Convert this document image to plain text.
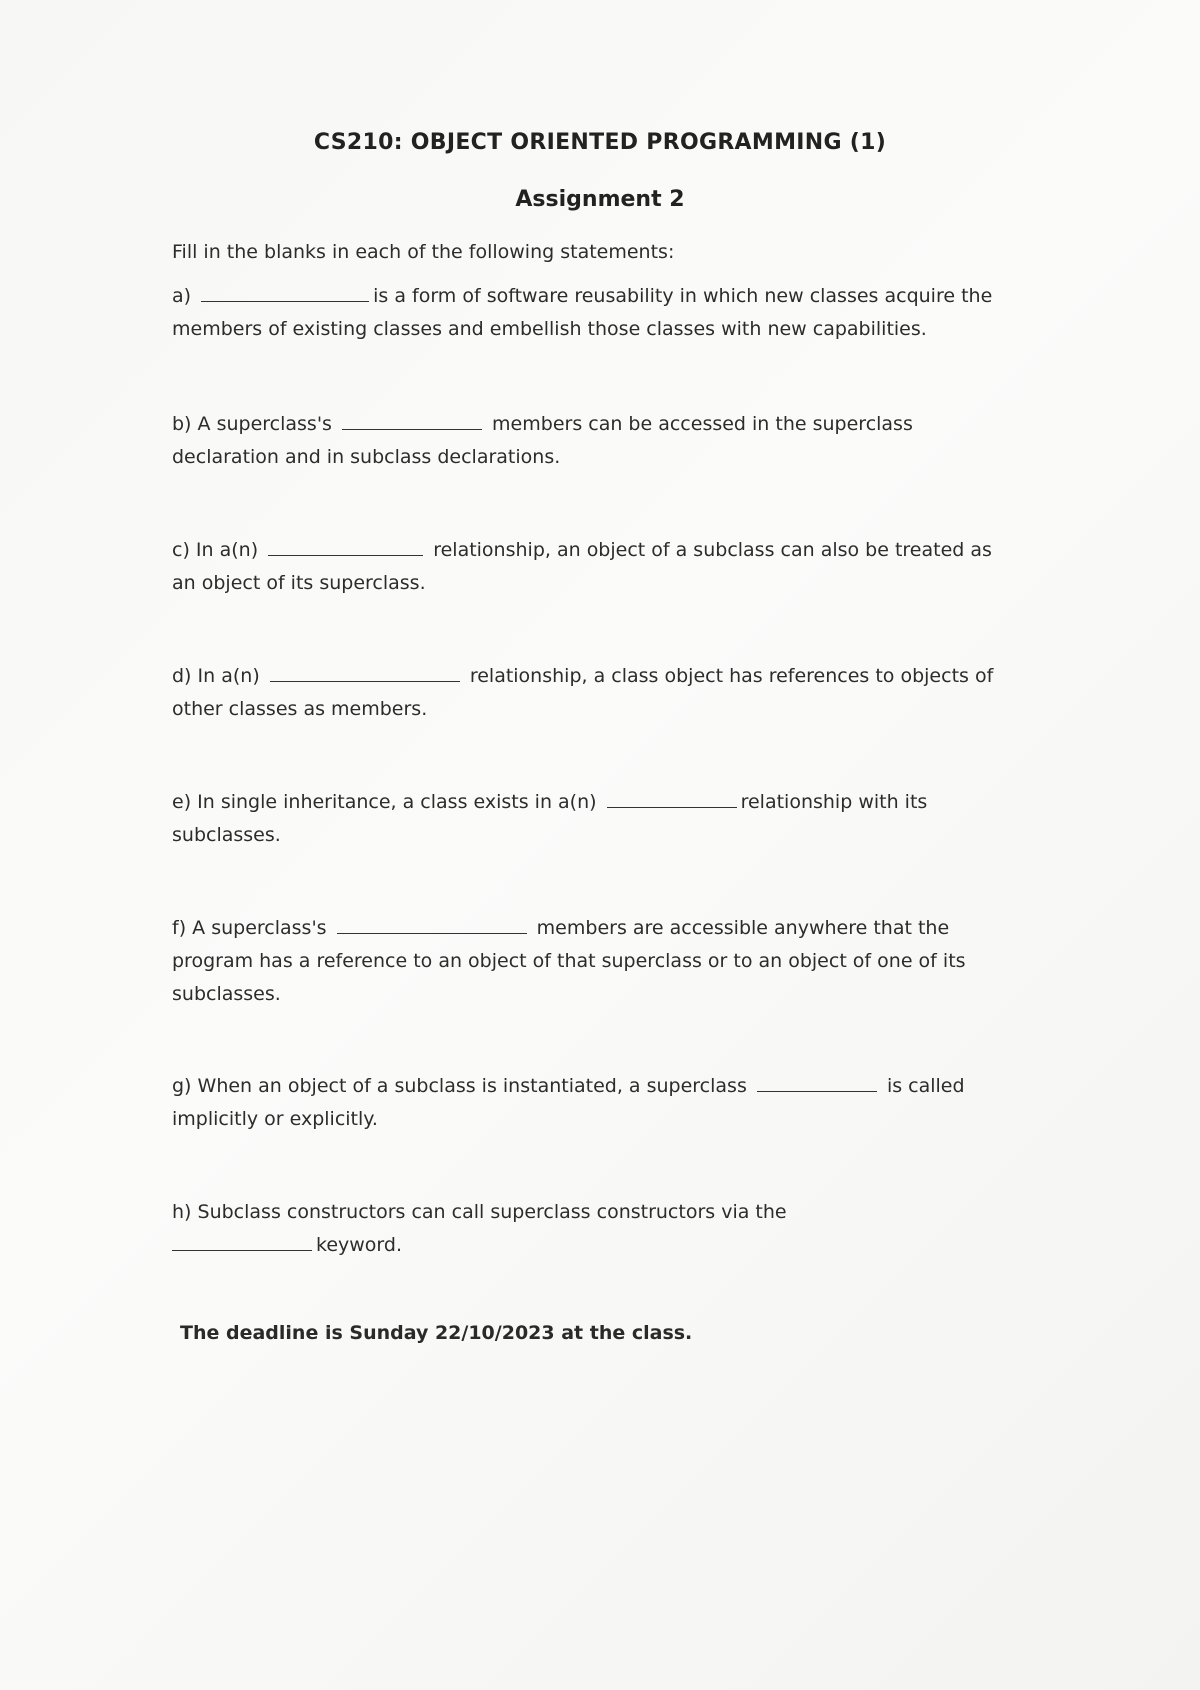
CS210: OBJECT ORIENTED PROGRAMMING (1)
Assignment 2
Fill in the blanks in each of the following statements:
a)	is a form of software reusability in which new classes acquire the members of existing classes and embellish those classes with new capabilities.
b) A superclass's	members can be accessed in the superclass declaration and in subclass declarations.
c) In a(n)	relationship, an object of a subclass can also be treated as an object of its superclass.
d) In a(n)	relationship, a class object has references to objects of other classes as members.
e) In single inheritance, a class exists in a(n)	relationship with its subclasses.
f) A superclass's	members are accessible anywhere that the program has a reference to an object of that superclass or to an object of one of its subclasses.
g) When an object of a subclass is instantiated, a superclass	is called implicitly or explicitly.
h) Subclass constructors can call superclass constructors via the
keyword.
The deadline is Sunday 22/10/2023 at the class.
